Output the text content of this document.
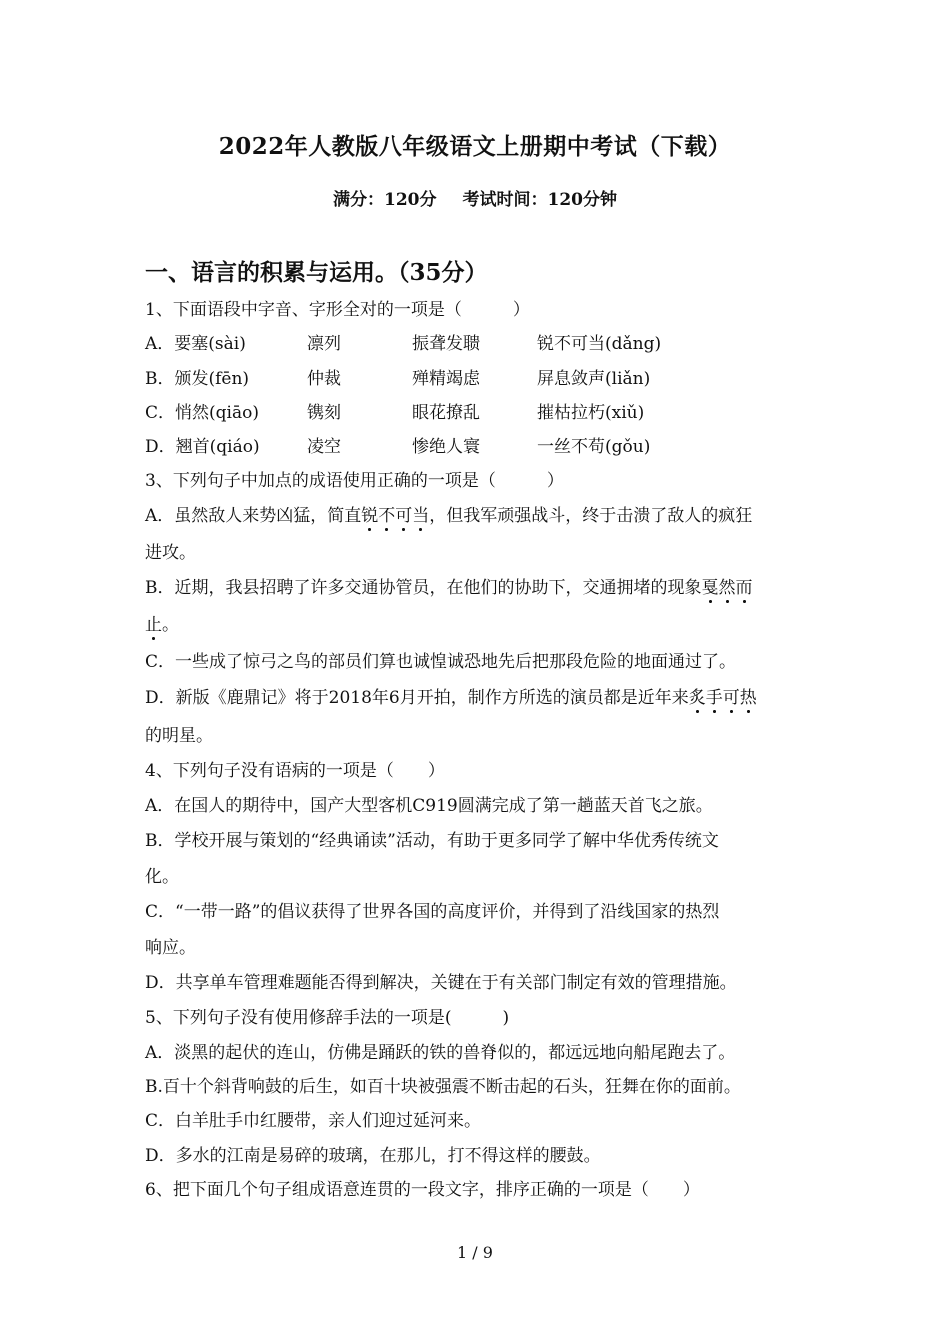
2022年人教版八年级语文上册期中考试（下载）
满分：120分 考试时间：120分钟
一、语言的积累与运用。（35分）
1、下面语段中字音、字形全对的一项是（　　　）
A．要塞(sài)	凛列	振聋发聩	锐不可当(dǎng)
B．颁发(fēn)	仲裁	殚精竭虑	屏息敛声(liǎn)
C．悄然(qiāo)	镌刻	眼花撩乱	摧枯拉朽(xiǔ)
D．翘首(qiáo)	凌空	惨绝人寰	一丝不苟(gǒu)
3、下列句子中加点的成语使用正确的一项是（　　　）
A．虽然敌人来势凶猛，简直锐不可当，但我军顽强战斗，终于击溃了敌人的疯狂
进攻。
B．近期，我县招聘了许多交通协管员，在他们的协助下，交通拥堵的现象戛然而
止。
C．一些成了惊弓之鸟的部员们算也诚惶诚恐地先后把那段危险的地面通过了。
D．新版《鹿鼎记》将于2018年6月开拍，制作方所选的演员都是近年来炙手可热
的明星。
4、下列句子没有语病的一项是（　　）
A．在国人的期待中，国产大型客机C919圆满完成了第一趟蓝天首飞之旅。
B．学校开展与策划的“经典诵读”活动，有助于更多同学了解中华优秀传统文
化。
C．“一带一路”的倡议获得了世界各国的高度评价，并得到了沿线国家的热烈
响应。
D．共享单车管理难题能否得到解决，关键在于有关部门制定有效的管理措施。
5、下列句子没有使用修辞手法的一项是(　　　)
A．淡黑的起伏的连山，仿佛是踊跃的铁的兽脊似的，都远远地向船尾跑去了。
B.百十个斜背响鼓的后生，如百十块被强震不断击起的石头，狂舞在你的面前。
C．白羊肚手巾红腰带，亲人们迎过延河来。
D．多水的江南是易碎的玻璃，在那儿，打不得这样的腰鼓。
6、把下面几个句子组成语意连贯的一段文字，排序正确的一项是（　　）
1 / 9
